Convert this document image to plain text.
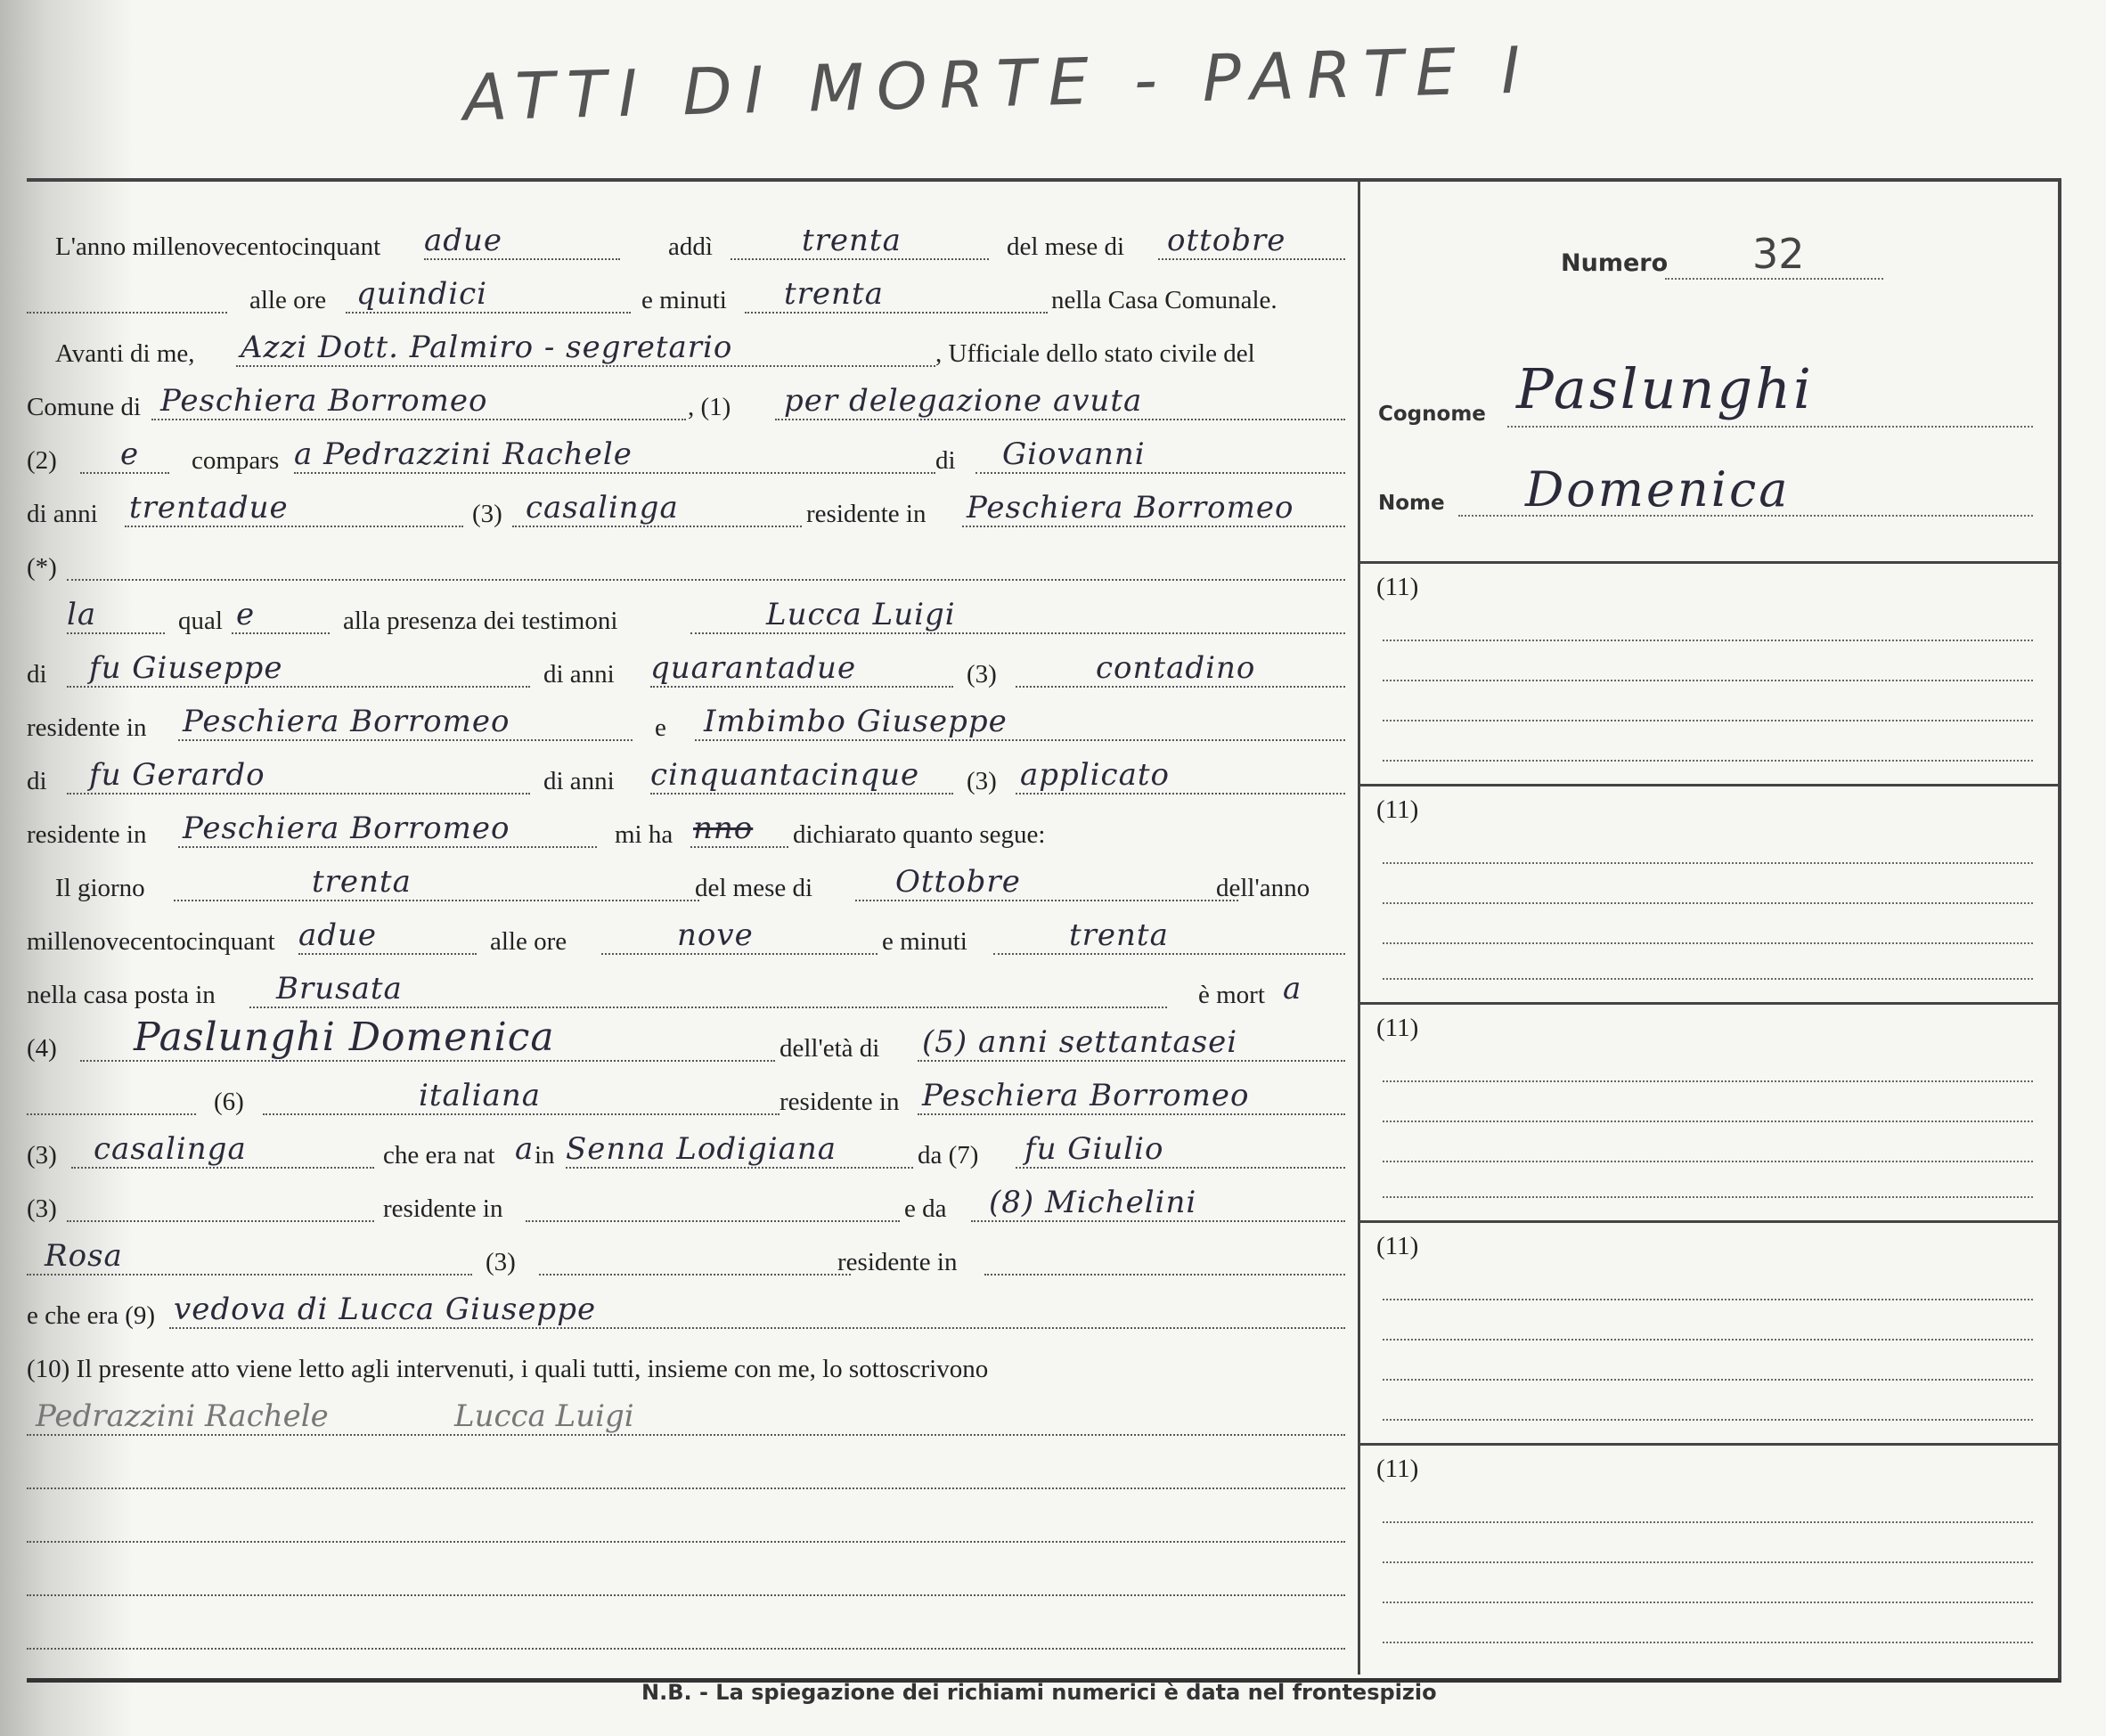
ATTI DI MORTE - PARTE I
L'anno millenovecentocinquant adue	addì	trenta	del mese di ottobre
alle ore quindici	e minuti trenta	nella Casa Comunale.
Avanti di me, Azzi Dott. Palmiro - segretario	, Ufficiale dello stato civile del
Comune di Peschiera Borromeo	, (1) per delegazione avuta
(2) e compars a Pedrazzini Rachele	di Giovanni
di anni trentadue	(3) casalinga	residente in Peschiera Borromeo
(*)
la	qual e	alla presenza dei testimoni	Lucca Luigi
di fu Giuseppe	di anni quarantadue	(3)	contadino
residente in Peschiera Borromeo	e Imbimbo Giuseppe
di fu Gerardo	di anni cinquantacinque (3) applicato
residente in Peschiera Borromeo	mi ha nno dichiarato quanto segue:
Il giorno	trenta	del mese di	Ottobre	dell'anno
millenovecentocinquant adue	alle ore	nove	e minuti	trenta
nella casa posta in Brusata	è mort a
(4) Paslunghi Domenica	dell'età di (5) anni settantasei
(6)	italiana	residente in Peschiera Borromeo
(3) casalinga	che era nat a in Senna Lodigiana	da (7) fu Giulio
(3)	residente in	e da (8) Michelini
Rosa	(3)	residente in
e che era (9) vedova di Lucca Giuseppe
(10) Il presente atto viene letto agli intervenuti, i quali tutti, insieme con me, lo sottoscrivono
Pedrazzini Rachele	Lucca Luigi
Numero 32
Cognome Paslunghi
Nome Domenica
(11)
(11)
(11)
(11)
(11)
N.B. - La spiegazione dei richiami numerici è data nel frontespizio
